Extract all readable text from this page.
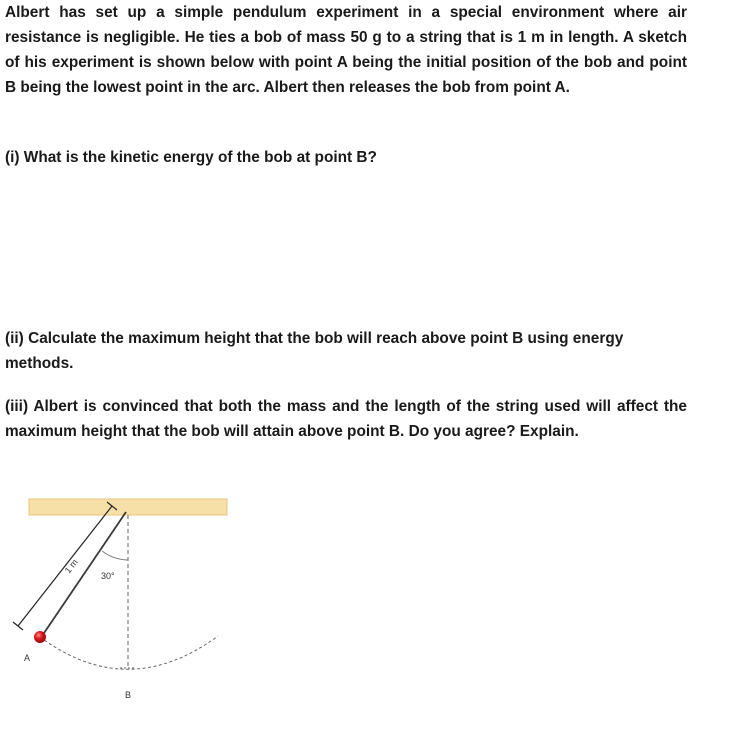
Albert has set up a simple pendulum experiment in a special environment where air resistance is negligible. He ties a bob of mass 50 g to a string that is 1 m in length. A sketch of his experiment is shown below with point A being the initial position of the bob and point B being the lowest point in the arc. Albert then releases the bob from point A.

(i) What is the kinetic energy of the bob at point B?

(ii) Calculate the maximum height that the bob will reach above point B using energy methods.

(iii) Albert is convinced that both the mass and the length of the string used will affect the maximum height that the bob will attain above point B. Do you agree? Explain.

1 m
30°
A
B
